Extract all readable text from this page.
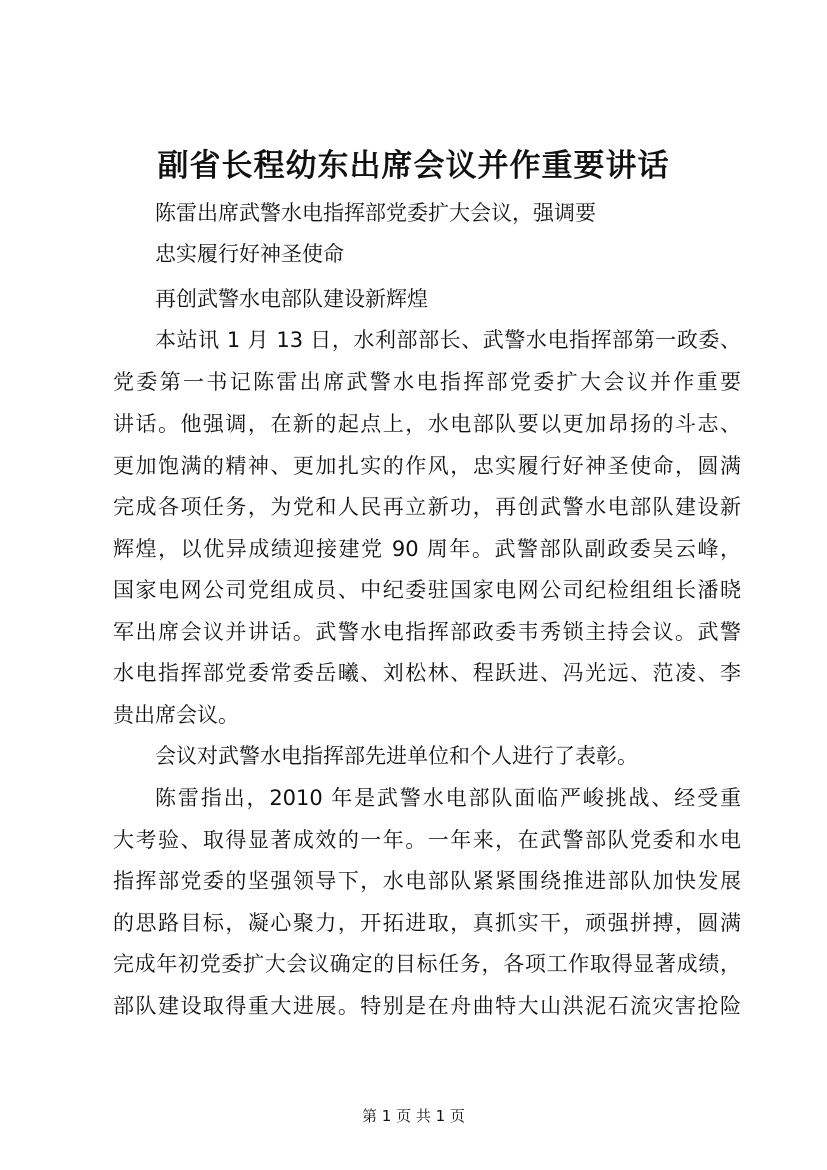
副省长程幼东出席会议并作重要讲话
陈雷出席武警水电指挥部党委扩大会议，强调要
忠实履行好神圣使命
再创武警水电部队建设新辉煌
本站讯 1 月 13 日，水利部部长、武警水电指挥部第一政委、
党委第一书记陈雷出席武警水电指挥部党委扩大会议并作重要
讲话。他强调，在新的起点上，水电部队要以更加昂扬的斗志、
更加饱满的精神、更加扎实的作风，忠实履行好神圣使命，圆满
完成各项任务，为党和人民再立新功，再创武警水电部队建设新
辉煌，以优异成绩迎接建党 90 周年。武警部队副政委吴云峰，
国家电网公司党组成员、中纪委驻国家电网公司纪检组组长潘晓
军出席会议并讲话。武警水电指挥部政委韦秀锁主持会议。武警
水电指挥部党委常委岳曦、刘松林、程跃进、冯光远、范凌、李
贵出席会议。
会议对武警水电指挥部先进单位和个人进行了表彰。
陈雷指出，2010 年是武警水电部队面临严峻挑战、经受重
大考验、取得显著成效的一年。一年来，在武警部队党委和水电
指挥部党委的坚强领导下，水电部队紧紧围绕推进部队加快发展
的思路目标，凝心聚力，开拓进取，真抓实干，顽强拼搏，圆满
完成年初党委扩大会议确定的目标任务，各项工作取得显著成绩，
部队建设取得重大进展。特别是在舟曲特大山洪泥石流灾害抢险
第 1 页 共 1 页
